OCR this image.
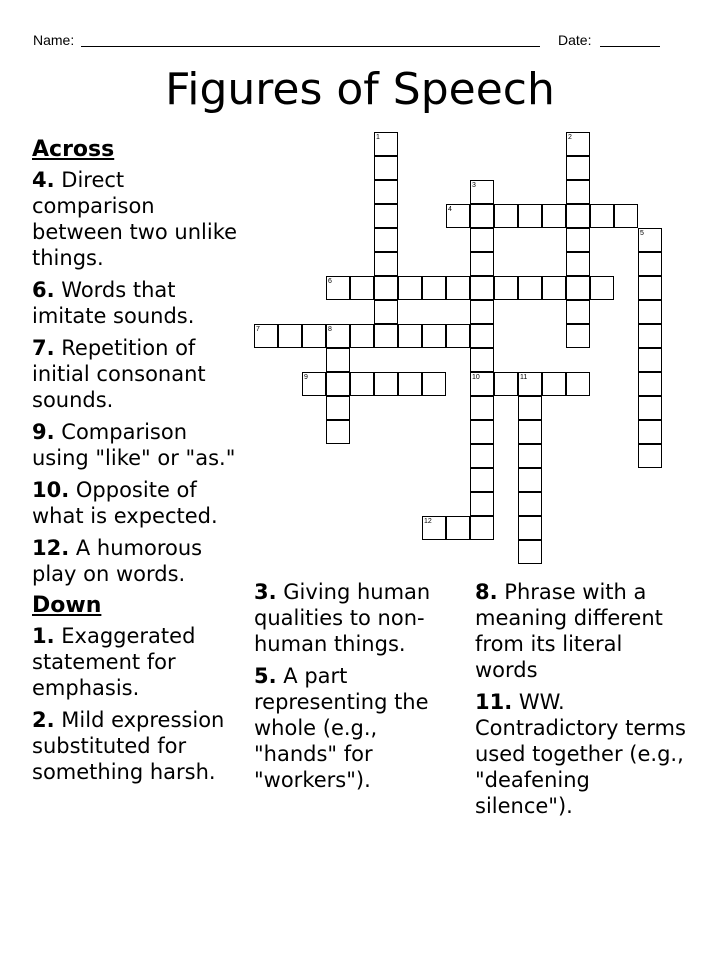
Name:	Date:
Figures of Speech
Across
4. Direct comparison between two unlike things.
6. Words that imitate sounds.
7. Repetition of initial consonant sounds.
9. Comparison using "like" or "as."
10. Opposite of what is expected.
12. A humorous play on words.
Down
1. Exaggerated statement for emphasis.
2. Mild expression substituted for something harsh.
3. Giving human qualities to non-human things.
5. A part representing the whole (e.g., "hands" for "workers").
8. Phrase with a meaning different from its literal words
11. WW. Contradictory terms used together (e.g., "deafening silence").
1	2
3
4
5
6
7	8
9	10	11
12
